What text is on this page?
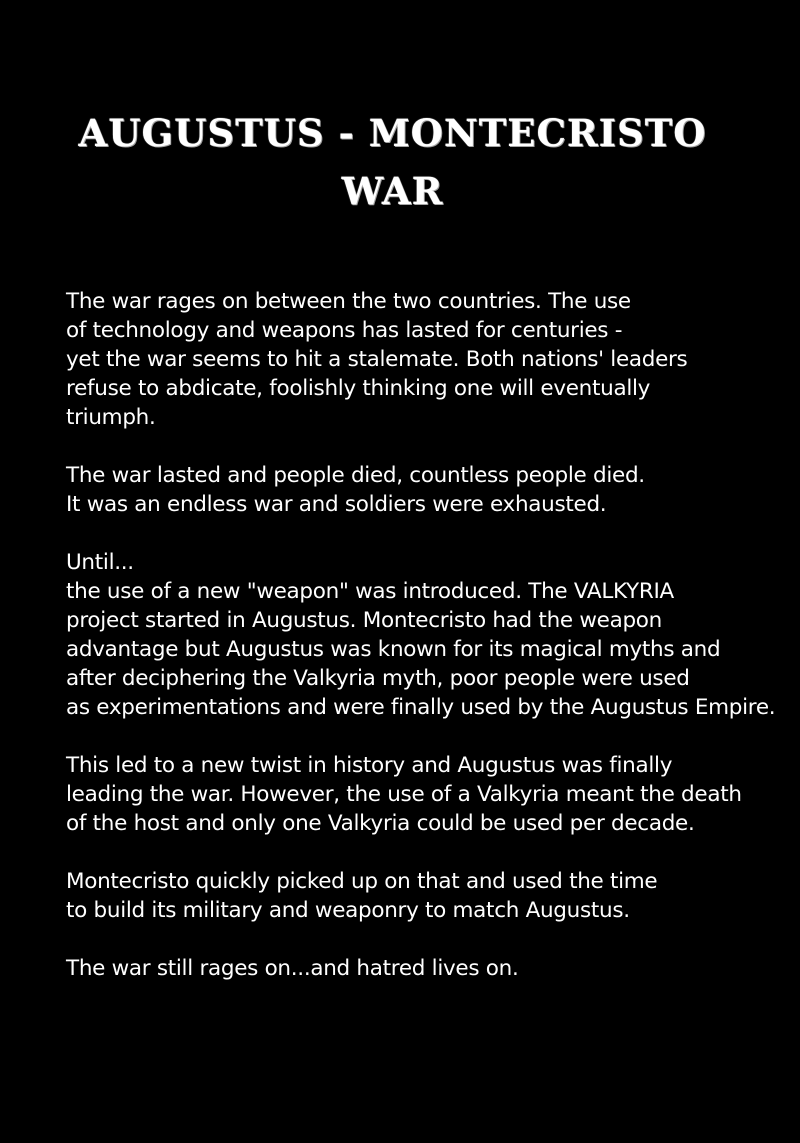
AUGUSTUS - MONTECRISTO
WAR
The war rages on between the two countries. The use
of technology and weapons has lasted for centuries -
yet the war seems to hit a stalemate. Both nations' leaders
refuse to abdicate, foolishly thinking one will eventually
triumph.
The war lasted and people died, countless people died.
It was an endless war and soldiers were exhausted.
Until...
the use of a new "weapon" was introduced. The VALKYRIA
project started in Augustus. Montecristo had the weapon
advantage but Augustus was known for its magical myths and
after deciphering the Valkyria myth, poor people were used
as experimentations and were finally used by the Augustus Empire.
This led to a new twist in history and Augustus was finally
leading the war. However, the use of a Valkyria meant the death
of the host and only one Valkyria could be used per decade.
Montecristo quickly picked up on that and used the time
to build its military and weaponry to match Augustus.
The war still rages on...and hatred lives on.
